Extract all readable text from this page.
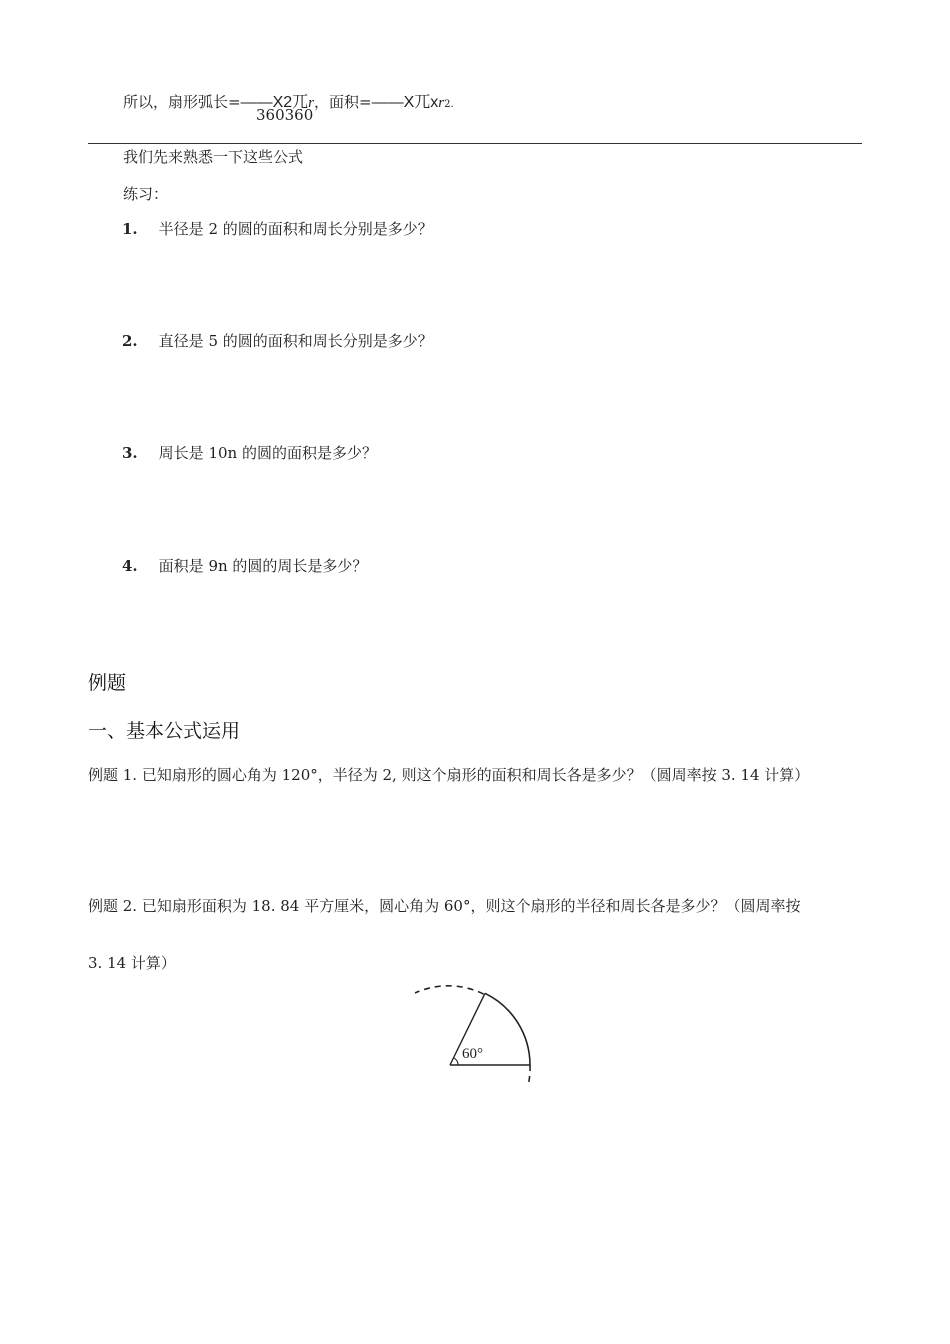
所以，扇形弧长=——X2兀r，面积=——X兀xr2.
360360
我们先来熟悉一下这些公式
练习：
1. 半径是 2 的圆的面积和周长分别是多少？
2. 直径是 5 的圆的面积和周长分别是多少？
3. 周长是 10n 的圆的面积是多少？
4. 面积是 9n 的圆的周长是多少？
例题
一、基本公式运用
例题 1. 已知扇形的圆心角为 120°，半径为 2, 则这个扇形的面积和周长各是多少？（圆周率按 3. 14 计算）
例题 2. 已知扇形面积为 18. 84 平方厘米，圆心角为 60°，则这个扇形的半径和周长各是多少？（圆周率按
3. 14 计算）
60°
